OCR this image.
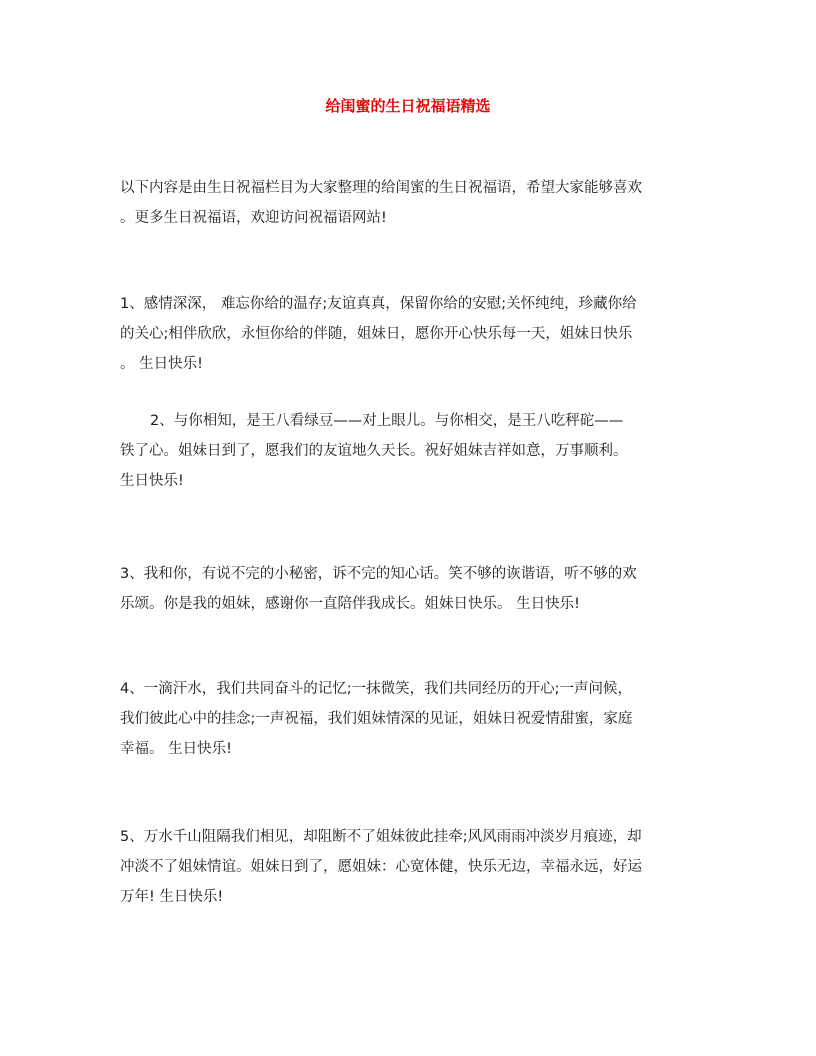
给闺蜜的生日祝福语精选
以下内容是由生日祝福栏目为大家整理的给闺蜜的生日祝福语，希望大家能够喜欢
。更多生日祝福语，欢迎访问祝福语网站!
1、感情深深， 难忘你给的温存;友谊真真，保留你给的安慰;关怀纯纯，珍藏你给
的关心;相伴欣欣，永恒你给的伴随，姐妹日，愿你开心快乐每一天，姐妹日快乐
。 生日快乐!
2、与你相知，是王八看绿豆——对上眼儿。与你相交，是王八吃秤砣——
铁了心。姐妹日到了，愿我们的友谊地久天长。祝好姐妹吉祥如意，万事顺利。
生日快乐!
3、我和你，有说不完的小秘密，诉不完的知心话。笑不够的诙谐语，听不够的欢
乐颂。你是我的姐妹，感谢你一直陪伴我成长。姐妹日快乐。 生日快乐!
4、一滴汗水，我们共同奋斗的记忆;一抹微笑，我们共同经历的开心;一声问候，
我们彼此心中的挂念;一声祝福，我们姐妹情深的见证，姐妹日祝爱情甜蜜，家庭
幸福。 生日快乐!
5、万水千山阻隔我们相见，却阻断不了姐妹彼此挂牵;风风雨雨冲淡岁月痕迹，却
冲淡不了姐妹情谊。姐妹日到了，愿姐妹：心宽体健，快乐无边，幸福永远，好运
万年! 生日快乐!
